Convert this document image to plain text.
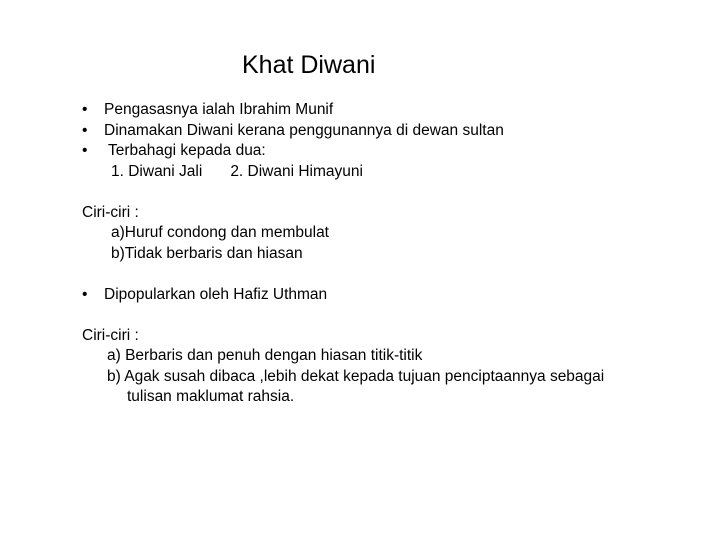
Khat Diwani
• Pengasasnya ialah Ibrahim Munif
• Dinamakan Diwani kerana penggunannya di dewan sultan
• Terbahagi kepada dua:
1. Diwani Jali 2. Diwani Himayuni
Ciri-ciri :
a)Huruf condong dan membulat
b)Tidak berbaris dan hiasan
• Dipopularkan oleh Hafiz Uthman
Ciri-ciri :
a) Berbaris dan penuh dengan hiasan titik-titik
b) Agak susah dibaca ,lebih dekat kepada tujuan penciptaannya sebagai
tulisan maklumat rahsia.
